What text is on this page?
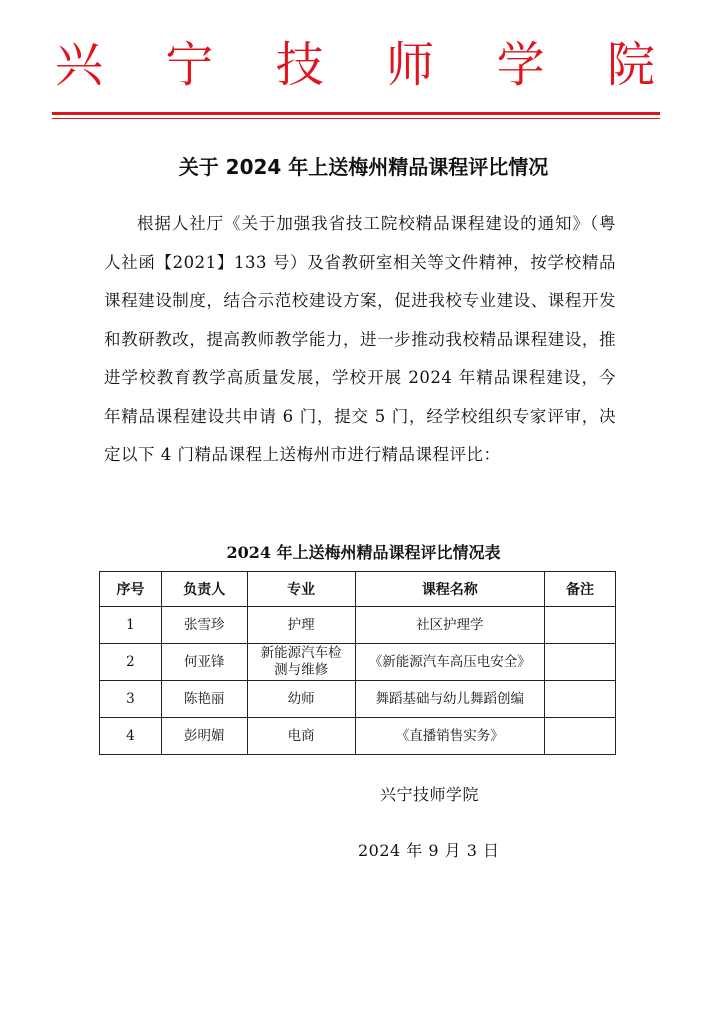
兴 宁 技 师 学 院
关于 2024 年上送梅州精品课程评比情况
根据人社厅《关于加强我省技工院校精品课程建设的通知》（粤人社函【2021】133 号）及省教研室相关等文件精神，按学校精品课程建设制度，结合示范校建设方案，促进我校专业建设、课程开发和教研教改，提高教师教学能力，进一步推动我校精品课程建设，推进学校教育教学高质量发展，学校开展 2024 年精品课程建设，今年精品课程建设共申请 6 门，提交 5 门，经学校组织专家评审，决定以下 4 门精品课程上送梅州市进行精品课程评比：
2024 年上送梅州精品课程评比情况表
序号	负责人	专业	课程名称	备注
1	张雪珍	护理	社区护理学	
2	何亚锋	新能源汽车检测与维修	《新能源汽车高压电安全》	
3	陈艳丽	幼师	舞蹈基础与幼儿舞蹈创编	
4	彭明媚	电商	《直播销售实务》	
兴宁技师学院
2024 年 9 月 3 日
